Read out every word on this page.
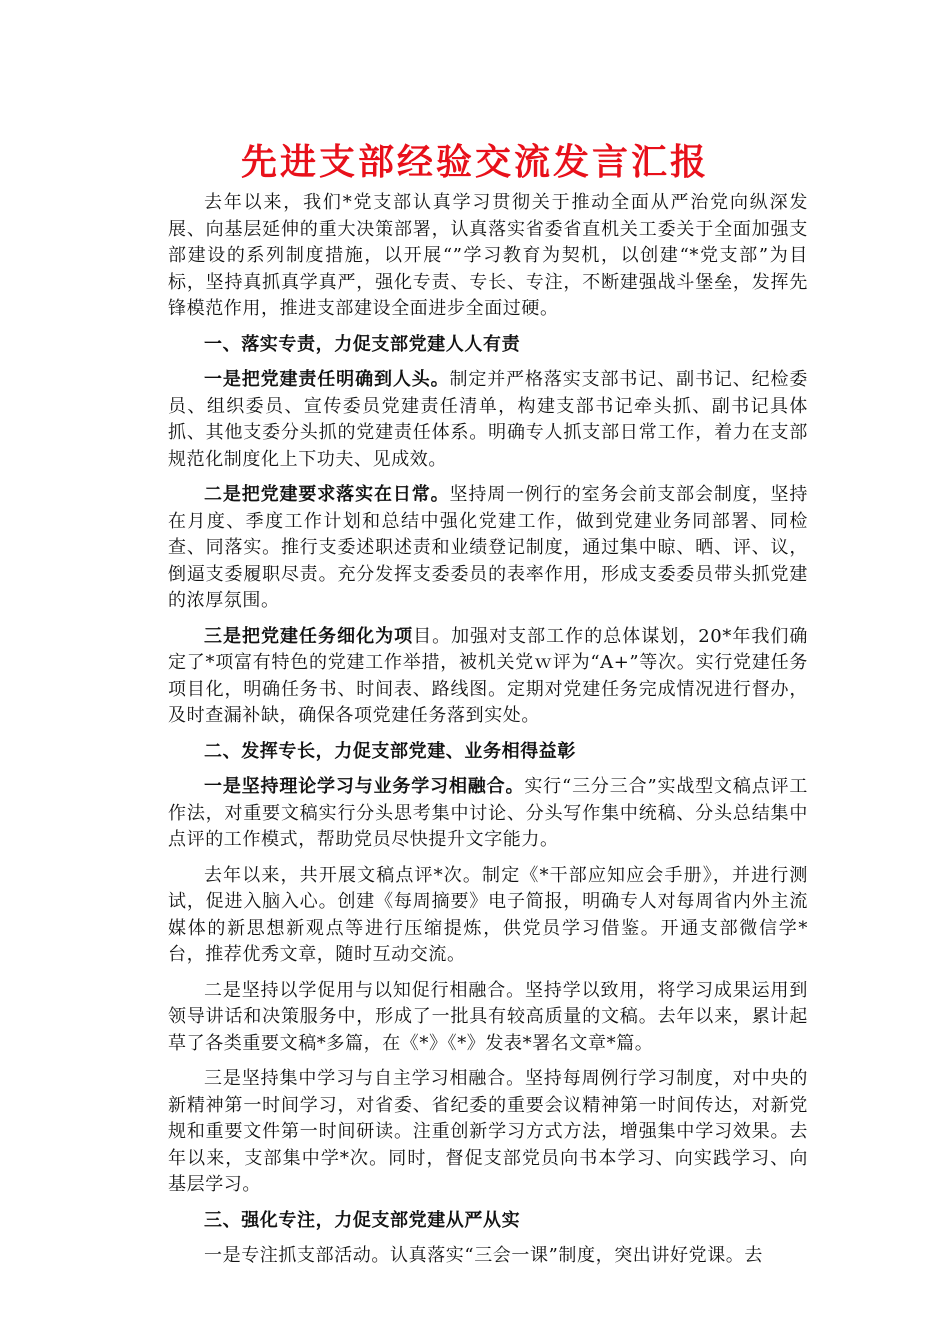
先进支部经验交流发言汇报

去年以来，我们*党支部认真学习贯彻关于推动全面从严治党向纵深发展、向基层延伸的重大决策部署，认真落实省委省直机关工委关于全面加强支部建设的系列制度措施，以开展“”学习教育为契机，以创建“*党支部”为目标，坚持真抓真学真严，强化专责、专长、专注，不断建强战斗堡垒，发挥先锋模范作用，推进支部建设全面进步全面过硬。

一、落实专责，力促支部党建人人有责

一是把党建责任明确到人头。制定并严格落实支部书记、副书记、纪检委员、组织委员、宣传委员党建责任清单，构建支部书记牵头抓、副书记具体抓、其他支委分头抓的党建责任体系。明确专人抓支部日常工作，着力在支部规范化制度化上下功夫、见成效。

二是把党建要求落实在日常。坚持周一例行的室务会前支部会制度，坚持在月度、季度工作计划和总结中强化党建工作，做到党建业务同部署、同检查、同落实。推行支委述职述责和业绩登记制度，通过集中晾、晒、评、议，倒逼支委履职尽责。充分发挥支委委员的表率作用，形成支委委员带头抓党建的浓厚氛围。

三是把党建任务细化为项目。加强对支部工作的总体谋划，20*年我们确定了*项富有特色的党建工作举措，被机关党ｗ评为“A+”等次。实行党建任务项目化，明确任务书、时间表、路线图。定期对党建任务完成情况进行督办，及时查漏补缺，确保各项党建任务落到实处。

二、发挥专长，力促支部党建、业务相得益彰

一是坚持理论学习与业务学习相融合。实行“三分三合”实战型文稿点评工作法，对重要文稿实行分头思考集中讨论、分头写作集中统稿、分头总结集中点评的工作模式，帮助党员尽快提升文字能力。

去年以来，共开展文稿点评*次。制定《*干部应知应会手册》，并进行测试，促进入脑入心。创建《每周摘要》电子简报，明确专人对每周省内外主流媒体的新思想新观点等进行压缩提炼，供党员学习借鉴。开通支部微信学*台，推荐优秀文章，随时互动交流。

二是坚持以学促用与以知促行相融合。坚持学以致用，将学习成果运用到领导讲话和决策服务中，形成了一批具有较高质量的文稿。去年以来，累计起草了各类重要文稿*多篇，在《*》《*》发表*署名文章*篇。

三是坚持集中学习与自主学习相融合。坚持每周例行学习制度，对中央的新精神第一时间学习，对省委、省纪委的重要会议精神第一时间传达，对新党规和重要文件第一时间研读。注重创新学习方式方法，增强集中学习效果。去年以来，支部集中学*次。同时，督促支部党员向书本学习、向实践学习、向基层学习。

三、强化专注，力促支部党建从严从实

一是专注抓支部活动。认真落实“三会一课”制度，突出讲好党课。去
